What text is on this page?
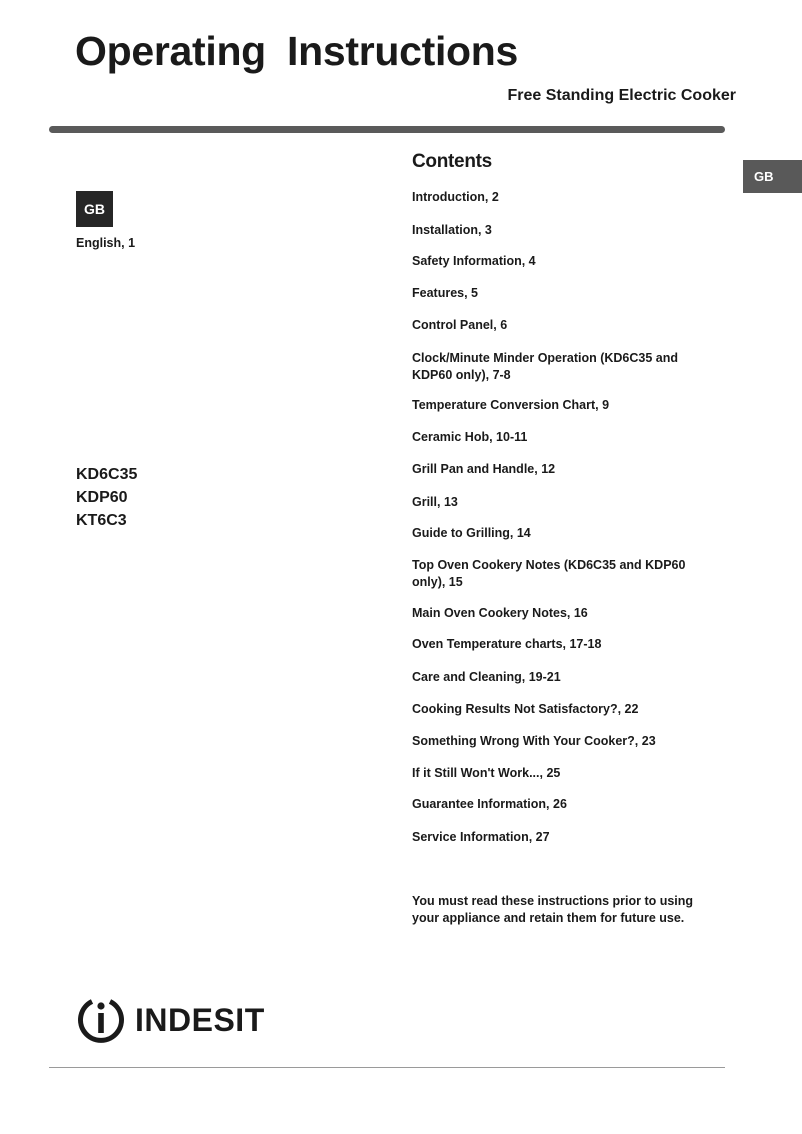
Operating Instructions
Free Standing Electric Cooker
GB
GB
English, 1
KD6C35
KDP60
KT6C3
Contents
Introduction, 2
Installation, 3
Safety Information, 4
Features, 5
Control Panel, 6
Clock/Minute Minder Operation (KD6C35 and KDP60 only), 7-8
Temperature Conversion Chart, 9
Ceramic Hob, 10-11
Grill Pan and Handle, 12
Grill, 13
Guide to Grilling, 14
Top Oven Cookery Notes (KD6C35 and KDP60 only), 15
Main Oven Cookery Notes, 16
Oven Temperature charts, 17-18
Care and Cleaning, 19-21
Cooking Results Not Satisfactory?, 22
Something Wrong With Your Cooker?, 23
If it Still Won't Work..., 25
Guarantee Information, 26
Service Information, 27
You must read these instructions prior to using your appliance and retain them for future use.
INDESIT
